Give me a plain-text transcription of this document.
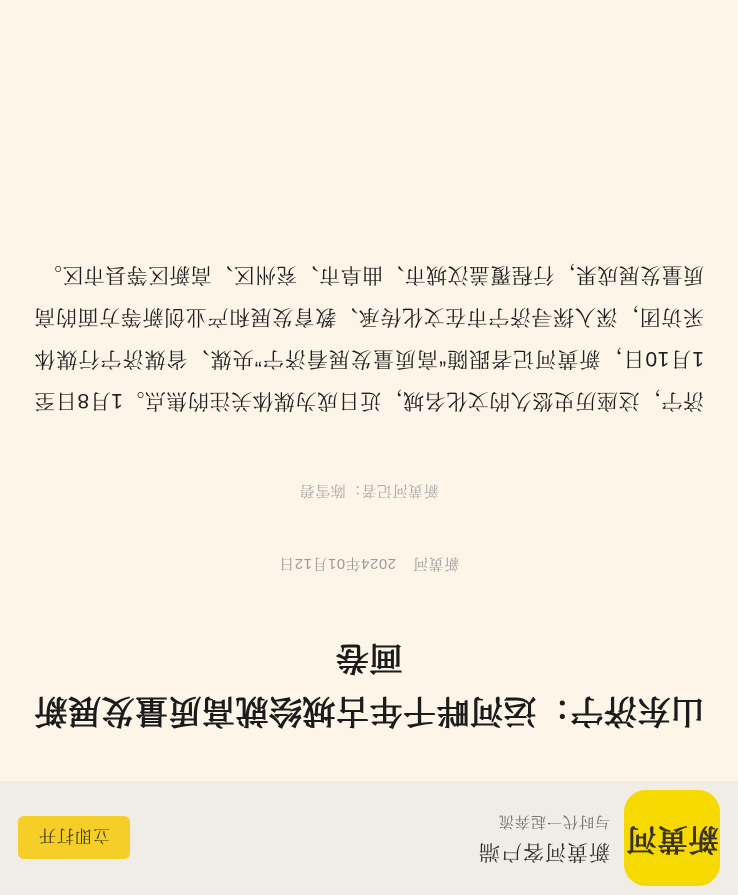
新黄河
新黄河客户端
与时代一起奔流
立即打开
山东济宁：运河畔千年古城绘就高质量发展新画卷
新黄河 2024年01月12日
新黄河记者：陈雪碧

济宁，这座历史悠久的文化名城，近日成为媒体关注的焦点。1月8日至1月10日，新黄河记者跟随“高质量发展看济宁”央媒、省媒济宁行媒体采访团，深入探寻济宁市在文化传承、教育发展和产业创新等方面的高质量发展成果，行程覆盖汶城市、曲阜市、兖州区、高新区等县市区。
